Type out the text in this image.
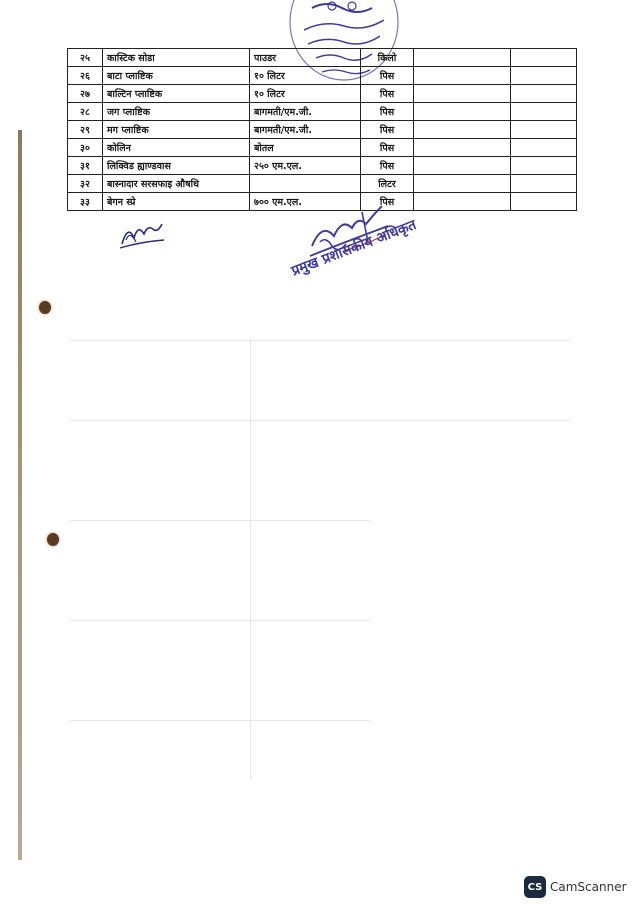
२५	कास्टिक सोडा	पाउडर	किलो		
२६	बाटा प्लाष्टिक	१० लिटर	पिस		
२७	बाल्टिन प्लाष्टिक	१० लिटर	पिस		
२८	जग प्लाष्टिक	बागमती/एम.जी.	पिस		
२९	मग प्लाष्टिक	बागमती/एम.जी.	पिस		
३०	कोलिन	बोतल	पिस		
३१	लिक्विड ह्याण्डवास	२५० एम.एल.	पिस		
३२	बास्नादार सरसफाइ औषधि		लिटर		
३३	बेगन स्प्रे	७०० एम.एल.	पिस		
प्रमुख प्रशासकीय अधिकृत
CS CamScanner
